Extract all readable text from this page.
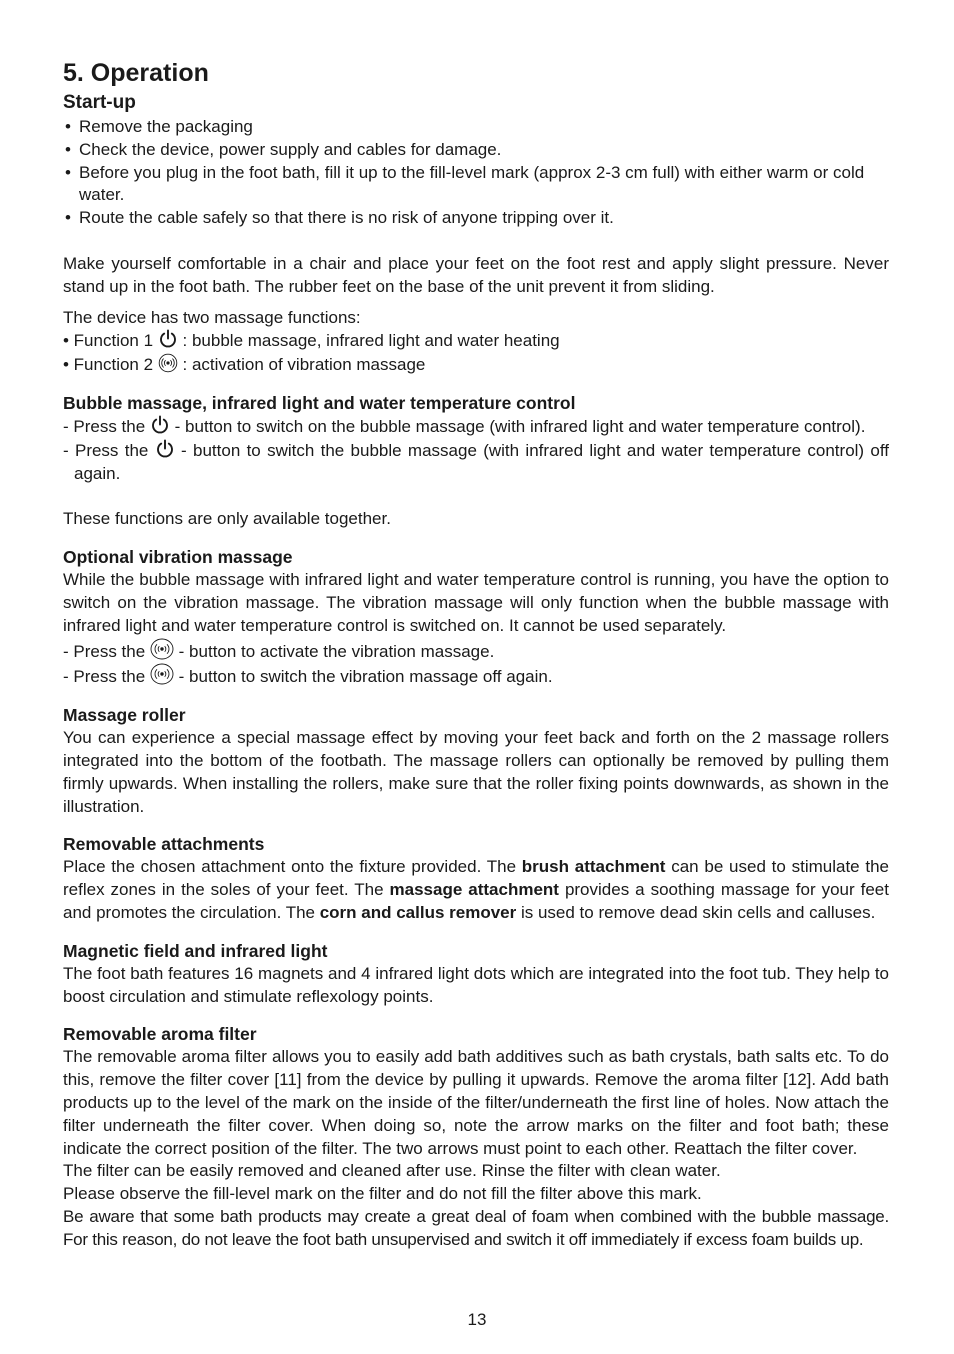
5. Operation
Start-up
• Remove the packaging
• Check the device, power supply and cables for damage.
• Before you plug in the foot bath, fill it up to the fill-level mark (approx 2-3 cm full) with either warm or cold water.
• Route the cable safely so that there is no risk of anyone tripping over it.

Make yourself comfortable in a chair and place your feet on the foot rest and apply slight pressure. Never stand up in the foot bath. The rubber feet on the base of the unit prevent it from sliding.

The device has two massage functions:
• Function 1 : bubble massage, infrared light and water heating
• Function 2 : activation of vibration massage
Bubble massage, infrared light and water temperature control
- Press the - button to switch on the bubble massage (with infrared light and water temperature control).
- Press the - button to switch the bubble massage (with infrared light and water temperature control) off again.

These functions are only available together.

Optional vibration massage

While the bubble massage with infrared light and water temperature control is running, you have the option to switch on the vibration massage. The vibration massage will only function when the bubble massage with infrared light and water temperature control is switched on. It cannot be used separately.

- Press the - button to activate the vibration massage.
- Press the - button to switch the vibration massage off again.
Massage roller

You can experience a special massage effect by moving your feet back and forth on the 2 massage rollers integrated into the bottom of the footbath. The massage rollers can optionally be removed by pulling them firmly upwards. When installing the rollers, make sure that the roller fixing points downwards, as shown in the illustration.

Removable attachments

Place the chosen attachment onto the fixture provided. The brush attachment can be used to stimulate the reflex zones in the soles of your feet. The massage attachment provides a soothing massage for your feet and promotes the circulation. The corn and callus remover is used to remove dead skin cells and calluses.

Magnetic field and infrared light

The foot bath features 16 magnets and 4 infrared light dots which are integrated into the foot tub. They help to boost circulation and stimulate reflexology points.

Removable aroma filter

The removable aroma filter allows you to easily add bath additives such as bath crystals, bath salts etc. To do this, remove the filter cover [11] from the device by pulling it upwards. Remove the aroma filter [12]. Add bath products up to the level of the mark on the inside of the filter/underneath the first line of holes. Now attach the filter underneath the filter cover. When doing so, note the arrow marks on the filter and foot bath; these indicate the correct position of the filter. The two arrows must point to each other. Reattach the filter cover.

The filter can be easily removed and cleaned after use. Rinse the filter with clean water.

Please observe the fill-level mark on the filter and do not fill the filter above this mark.

Be aware that some bath products may create a great deal of foam when combined with the bubble massage. For this reason, do not leave the foot bath unsupervised and switch it off immediately if excess foam builds up.

13
